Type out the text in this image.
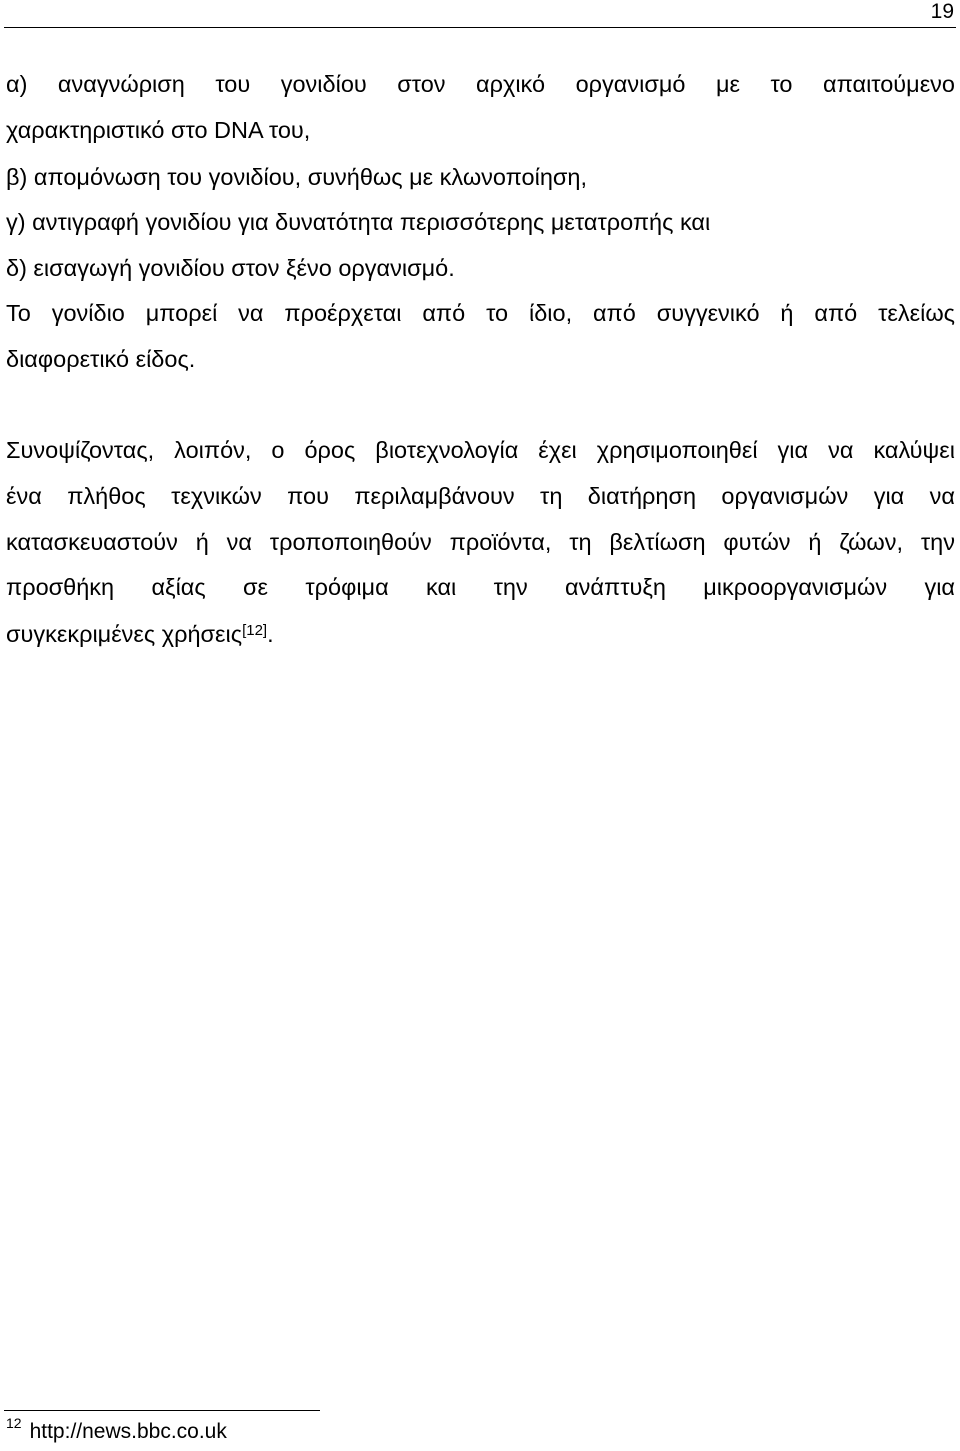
19
α) αναγνώριση του γονιδίου στον αρχικό οργανισμό με το απαιτούμενο
χαρακτηριστικό στο DNA του,
β) απομόνωση του γονιδίου, συνήθως με κλωνοποίηση,
γ) αντιγραφή γονιδίου για δυνατότητα περισσότερης μετατροπής και
δ) εισαγωγή γονιδίου στον ξένο οργανισμό.
Το γονίδιο μπορεί να προέρχεται από το ίδιο, από συγγενικό ή από τελείως
διαφορετικό είδος.
Συνοψίζοντας, λοιπόν, ο όρος βιοτεχνολογία έχει χρησιμοποιηθεί για να καλύψει
ένα πλήθος τεχνικών που περιλαμβάνουν τη διατήρηση οργανισμών για να
κατασκευαστούν ή να τροποποιηθούν προϊόντα, τη βελτίωση φυτών ή ζώων, την
προσθήκη αξίας σε τρόφιμα και την ανάπτυξη μικροοργανισμών για
συγκεκριμένες χρήσεις[12].
$^{12}$ http://news.bbc.co.uk
